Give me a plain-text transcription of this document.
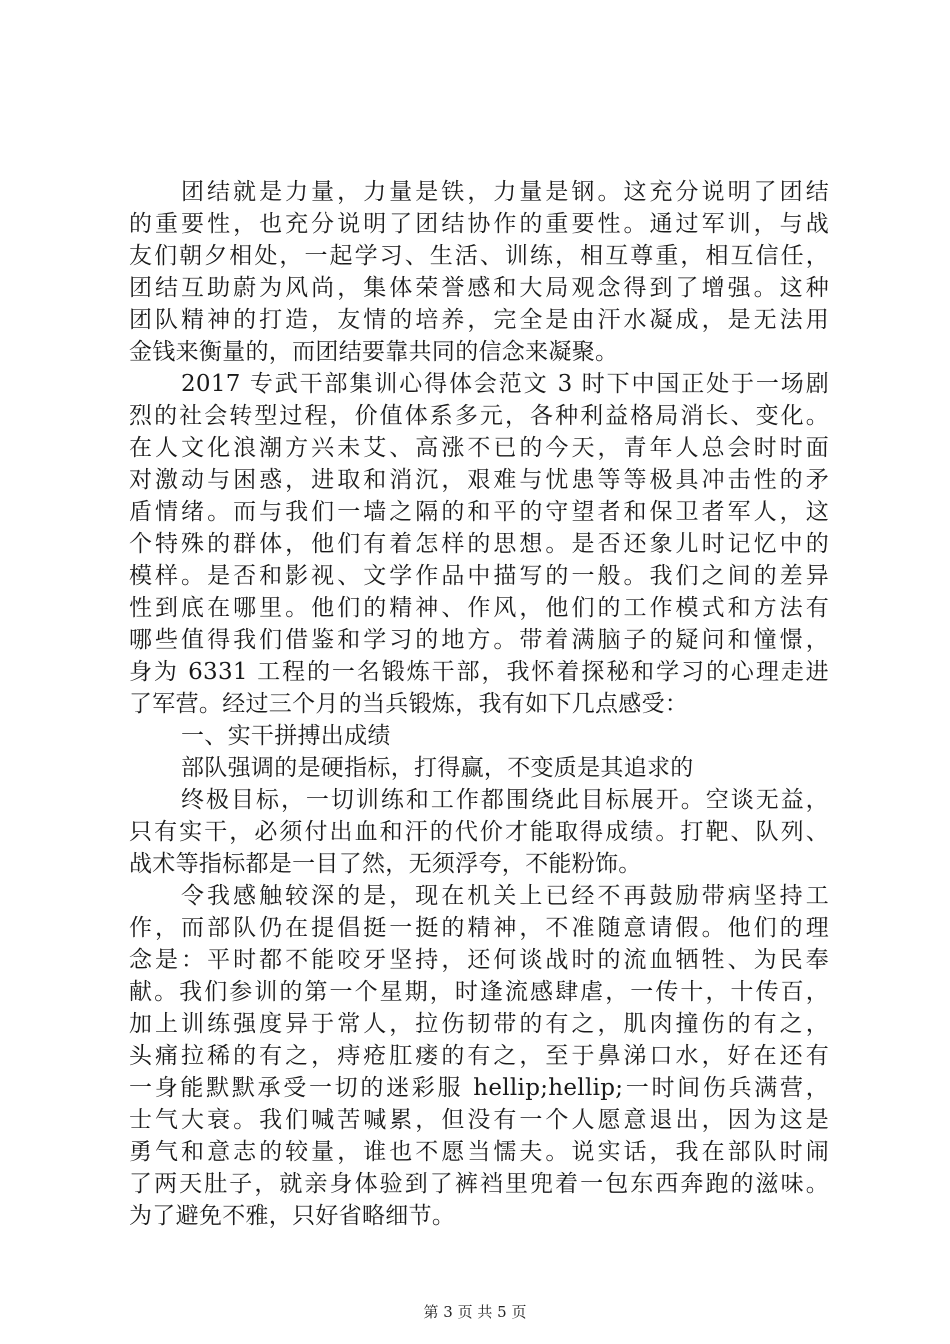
团结就是力量，力量是铁，力量是钢。这充分说明了团结
的重要性，也充分说明了团结协作的重要性。通过军训，与战
友们朝夕相处，一起学习、生活、训练，相互尊重，相互信任，
团结互助蔚为风尚，集体荣誉感和大局观念得到了增强。这种
团队精神的打造，友情的培养，完全是由汗水凝成，是无法用
金钱来衡量的，而团结要靠共同的信念来凝聚。
2017 专武干部集训心得体会范文 3 时下中国正处于一场剧
烈的社会转型过程，价值体系多元，各种利益格局消长、变化。
在人文化浪潮方兴未艾、高涨不已的今天，青年人总会时时面
对激动与困惑，进取和消沉，艰难与忧患等等极具冲击性的矛
盾情绪。而与我们一墙之隔的和平的守望者和保卫者军人，这
个特殊的群体，他们有着怎样的思想。是否还象儿时记忆中的
模样。是否和影视、文学作品中描写的一般。我们之间的差异
性到底在哪里。他们的精神、作风，他们的工作模式和方法有
哪些值得我们借鉴和学习的地方。带着满脑子的疑问和憧憬，
身为 6331 工程的一名锻炼干部，我怀着探秘和学习的心理走进
了军营。经过三个月的当兵锻炼，我有如下几点感受：
一、实干拼搏出成绩
部队强调的是硬指标，打得赢，不变质是其追求的
终极目标，一切训练和工作都围绕此目标展开。空谈无益，
只有实干，必须付出血和汗的代价才能取得成绩。打靶、队列、
战术等指标都是一目了然，无须浮夸，不能粉饰。
令我感触较深的是，现在机关上已经不再鼓励带病坚持工
作，而部队仍在提倡挺一挺的精神，不准随意请假。他们的理
念是：平时都不能咬牙坚持，还何谈战时的流血牺牲、为民奉
献。我们参训的第一个星期，时逢流感肆虐，一传十，十传百，
加上训练强度异于常人，拉伤韧带的有之，肌肉撞伤的有之，
头痛拉稀的有之，痔疮肛瘘的有之，至于鼻涕口水，好在还有
一身能默默承受一切的迷彩服 hellip;hellip;一时间伤兵满营，
士气大衰。我们喊苦喊累，但没有一个人愿意退出，因为这是
勇气和意志的较量，谁也不愿当懦夫。说实话，我在部队时闹
了两天肚子，就亲身体验到了裤裆里兜着一包东西奔跑的滋味。
为了避免不雅，只好省略细节。
第 3 页 共 5 页
